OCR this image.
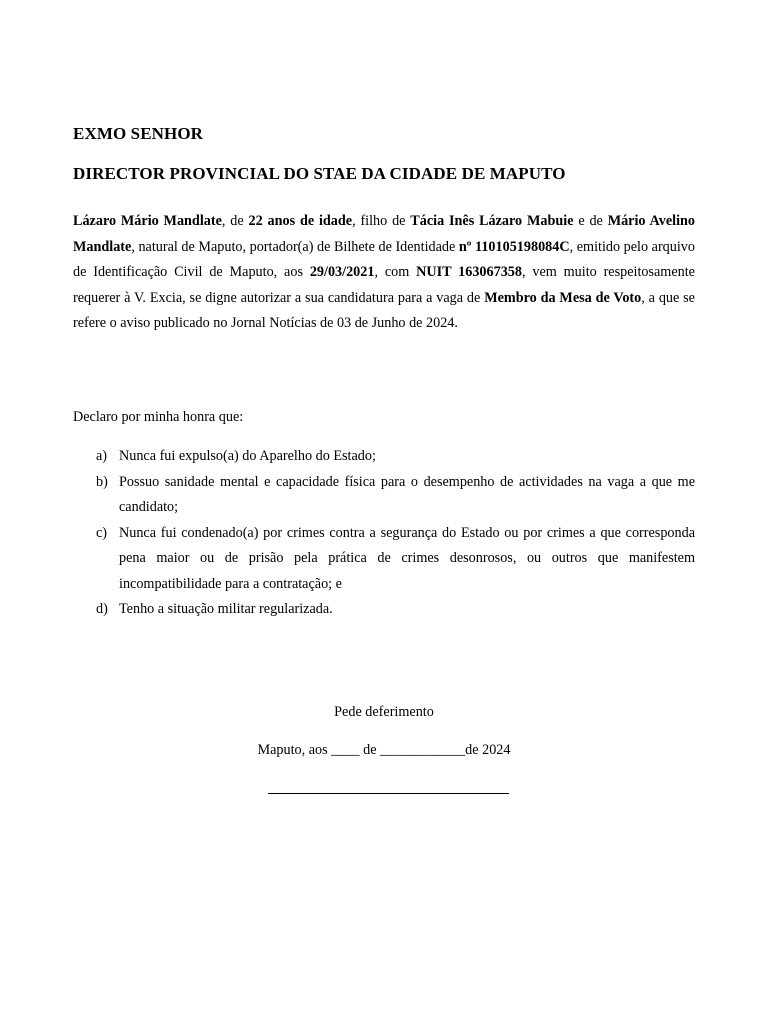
EXMO SENHOR
DIRECTOR PROVINCIAL DO STAE DA CIDADE DE MAPUTO

Lázaro Mário Mandlate, de 22 anos de idade, filho de Tácia Inês Lázaro Mabuie e de Mário Avelino Mandlate, natural de Maputo, portador(a) de Bilhete de Identidade nº 110105198084C, emitido pelo arquivo de Identificação Civil de Maputo, aos 29/03/2021, com NUIT 163067358, vem muito respeitosamente requerer à V. Excia, se digne autorizar a sua candidatura para a vaga de Membro da Mesa de Voto, a que se refere o aviso publicado no Jornal Notícias de 03 de Junho de 2024.

Declaro por minha honra que:

a) Nunca fui expulso(a) do Aparelho do Estado;
b) Possuo sanidade mental e capacidade física para o desempenho de actividades na vaga a que me candidato;
c) Nunca fui condenado(a) por crimes contra a segurança do Estado ou por crimes a que corresponda pena maior ou de prisão pela prática de crimes desonrosos, ou outros que manifestem incompatibilidade para a contratação; e
d) Tenho a situação militar regularizada.

Pede deferimento

Maputo, aos ____ de ____________de 2024
